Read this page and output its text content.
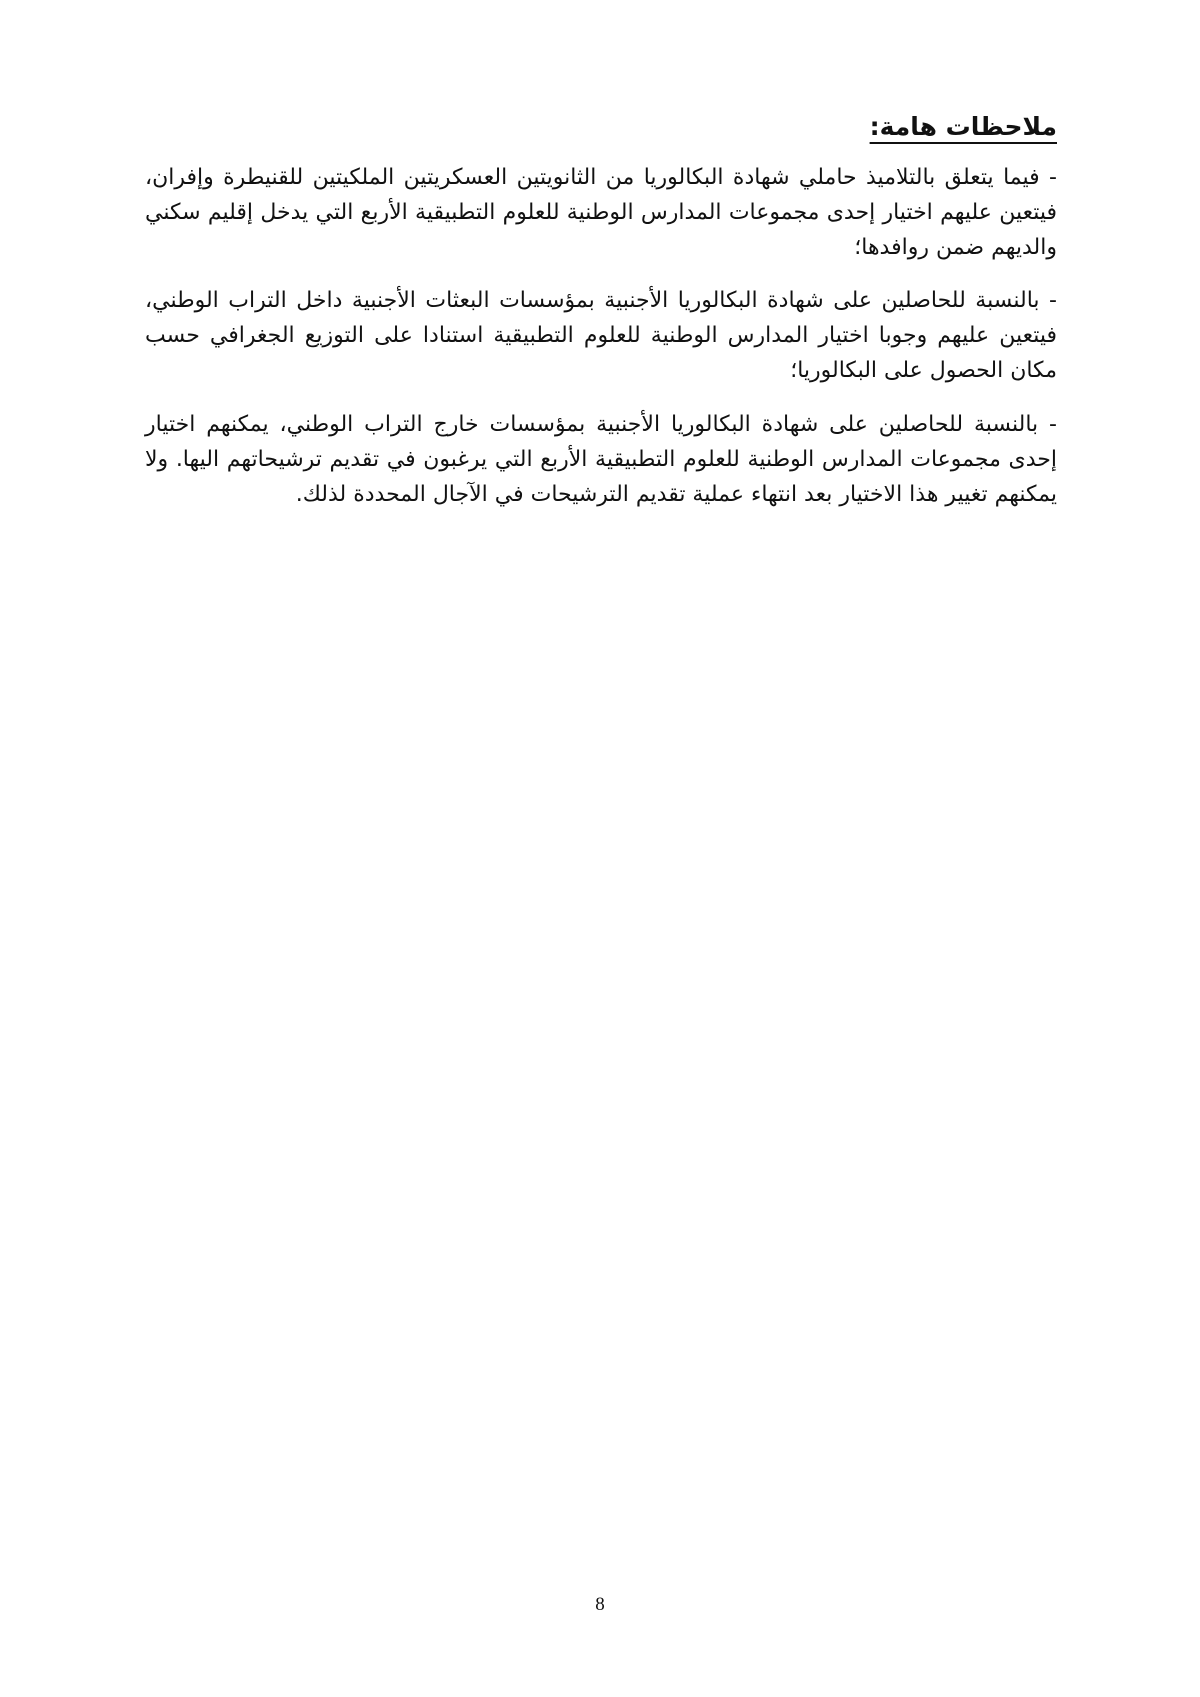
ملاحظات هامة:

- فيما يتعلق بالتلاميذ حاملي شهادة البكالوريا من الثانويتين العسكريتين الملكيتين للقنيطرة وإفران، فيتعين عليهم اختيار إحدى مجموعات المدارس الوطنية للعلوم التطبيقية الأربع التي يدخل إقليم سكني والديهم ضمن روافدها؛

- بالنسبة للحاصلين على شهادة البكالوريا الأجنبية بمؤسسات البعثات الأجنبية داخل التراب الوطني، فيتعين عليهم وجوبا اختيار المدارس الوطنية للعلوم التطبيقية استنادا على التوزيع الجغرافي حسب مكان الحصول على البكالوريا؛

- بالنسبة للحاصلين على شهادة البكالوريا الأجنبية بمؤسسات خارج التراب الوطني، يمكنهم اختيار إحدى مجموعات المدارس الوطنية للعلوم التطبيقية الأربع التي يرغبون في تقديم ترشيحاتهم اليها. ولا يمكنهم تغيير هذا الاختيار بعد انتهاء عملية تقديم الترشيحات في الآجال المحددة لذلك.

8
